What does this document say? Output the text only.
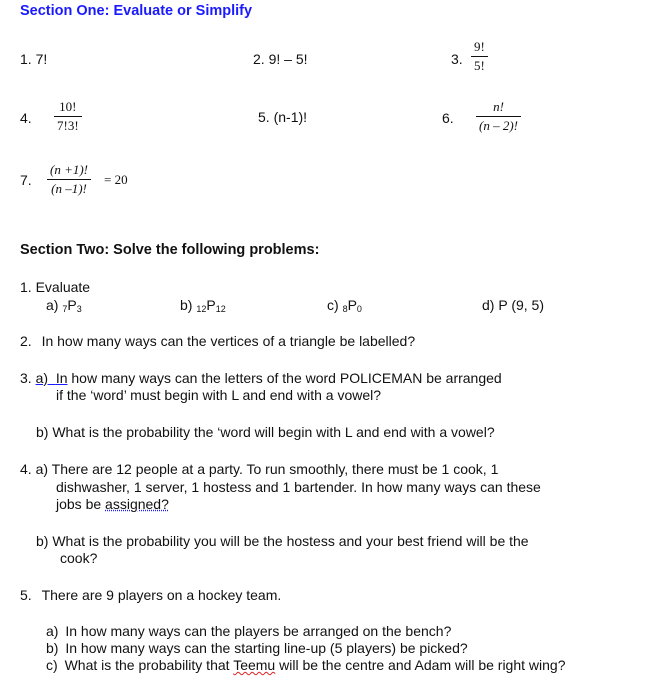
Section One: Evaluate or Simplify
1. 7!	2. 9! – 5!	3. $\frac{9!}{5!}$
4. $\frac{10!}{7!3!}$	5. (n-1)!	6. $\frac{n!}{(n - 2)!}$
7. $\frac{(n +1)!}{(n -1)!} = 20$
Section Two: Solve the following problems:
1. Evaluate
a) $_7P_3$	b) $_{12}P_{12}$	c) $_8P_0$	d) P (9, 5)
2. In how many ways can the vertices of a triangle be labelled?
3. a) In how many ways can the letters of the word POLICEMAN be arranged
if the ‘word’ must begin with L and end with a vowel?
b) What is the probability the ‘word will begin with L and end with a vowel?
4. a) There are 12 people at a party. To run smoothly, there must be 1 cook, 1
dishwasher, 1 server, 1 hostess and 1 bartender. In how many ways can these
jobs be assigned?
b) What is the probability you will be the hostess and your best friend will be the
cook?
5. There are 9 players on a hockey team.
a) In how many ways can the players be arranged on the bench?
b) In how many ways can the starting line-up (5 players) be picked?
c) What is the probability that Teemu will be the centre and Adam will be right wing?
